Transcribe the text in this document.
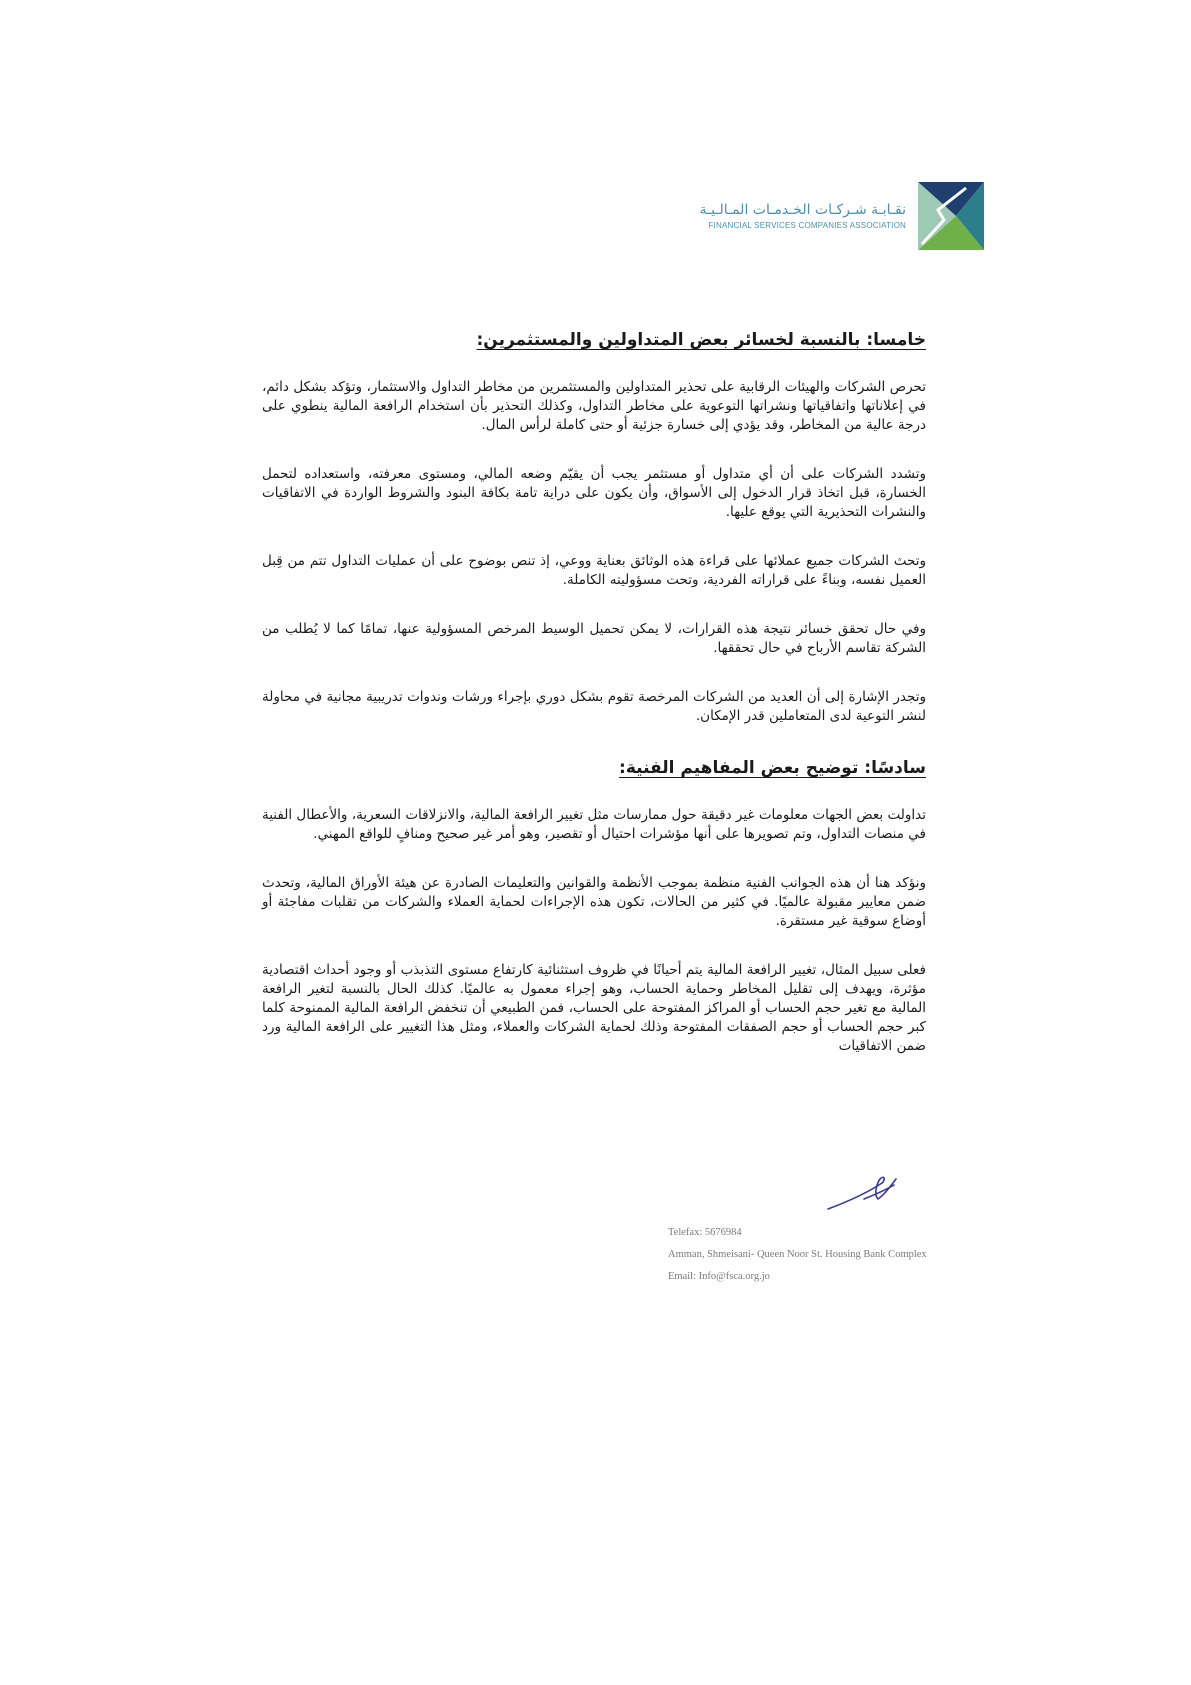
نقـابـة شـركـات الخـدمـات المـالـيـة
FINANCIAL SERVICES COMPANIES ASSOCIATION
خامسا: بالنسبة لخسائر بعض المتداولين والمستثمرين:

تحرص الشركات والهيئات الرقابية على تحذير المتداولين والمستثمرين من مخاطر التداول والاستثمار، وتؤكد بشكل دائم، في إعلاناتها واتفاقياتها ونشراتها التوعوية على مخاطر التداول، وكذلك التحذير بأن استخدام الرافعة المالية ينطوي على درجة عالية من المخاطر، وقد يؤدي إلى خسارة جزئية أو حتى كاملة لرأس المال.

وتشدد الشركات على أن أي متداول أو مستثمر يجب أن يقيّم وضعه المالي، ومستوى معرفته، واستعداده لتحمل الخسارة، قبل اتخاذ قرار الدخول إلى الأسواق، وأن يكون على دراية تامة بكافة البنود والشروط الواردة في الاتفاقيات والنشرات التحذيرية التي يوقع عليها.

وتحث الشركات جميع عملائها على قراءة هذه الوثائق بعناية ووعي، إذ تنص بوضوح على أن عمليات التداول تتم من قِبل العميل نفسه، وبناءً على قراراته الفردية، وتحت مسؤوليته الكاملة.

وفي حال تحقق خسائر نتيجة هذه القرارات، لا يمكن تحميل الوسيط المرخص المسؤولية عنها، تمامًا كما لا يُطلب من الشركة تقاسم الأرباح في حال تحققها.

وتجدر الإشارة إلى أن العديد من الشركات المرخصة تقوم بشكل دوري بإجراء ورشات وندوات تدريبية مجانية في محاولة لنشر التوعية لدى المتعاملين قدر الإمكان.

سادسًا: توضيح بعض المفاهيم الفنية:

تداولت بعض الجهات معلومات غير دقيقة حول ممارسات مثل تغيير الرافعة المالية، والانزلاقات السعرية، والأعطال الفنية في منصات التداول، وتم تصويرها على أنها مؤشرات احتيال أو تقصير، وهو أمر غير صحيح ومنافٍ للواقع المهني.

ونؤكد هنا أن هذه الجوانب الفنية منظمة بموجب الأنظمة والقوانين والتعليمات الصادرة عن هيئة الأوراق المالية، وتحدث ضمن معايير مقبولة عالميًا. في كثير من الحالات، تكون هذه الإجراءات لحماية العملاء والشركات من تقلبات مفاجئة أو أوضاع سوقية غير مستقرة.

فعلى سبيل المثال، تغيير الرافعة المالية يتم أحيانًا في ظروف استثنائية كارتفاع مستوى التذبذب أو وجود أحداث اقتصادية مؤثرة، ويهدف إلى تقليل المخاطر وحماية الحساب، وهو إجراء معمول به عالميًا. كذلك الحال بالنسبة لتغير الرافعة المالية مع تغير حجم الحساب أو المراكز المفتوحة على الحساب، فمن الطبيعي أن تنخفض الرافعة المالية الممنوحة كلما كبر حجم الحساب أو حجم الصفقات المفتوحة وذلك لحماية الشركات والعملاء، ومثل هذا التغيير على الرافعة المالية ورد ضمن الاتفاقيات

Telefax: 5676984
Amman, Shmeisani- Queen Noor St. Housing Bank Complex
Email: Info@fsca.org.jo
